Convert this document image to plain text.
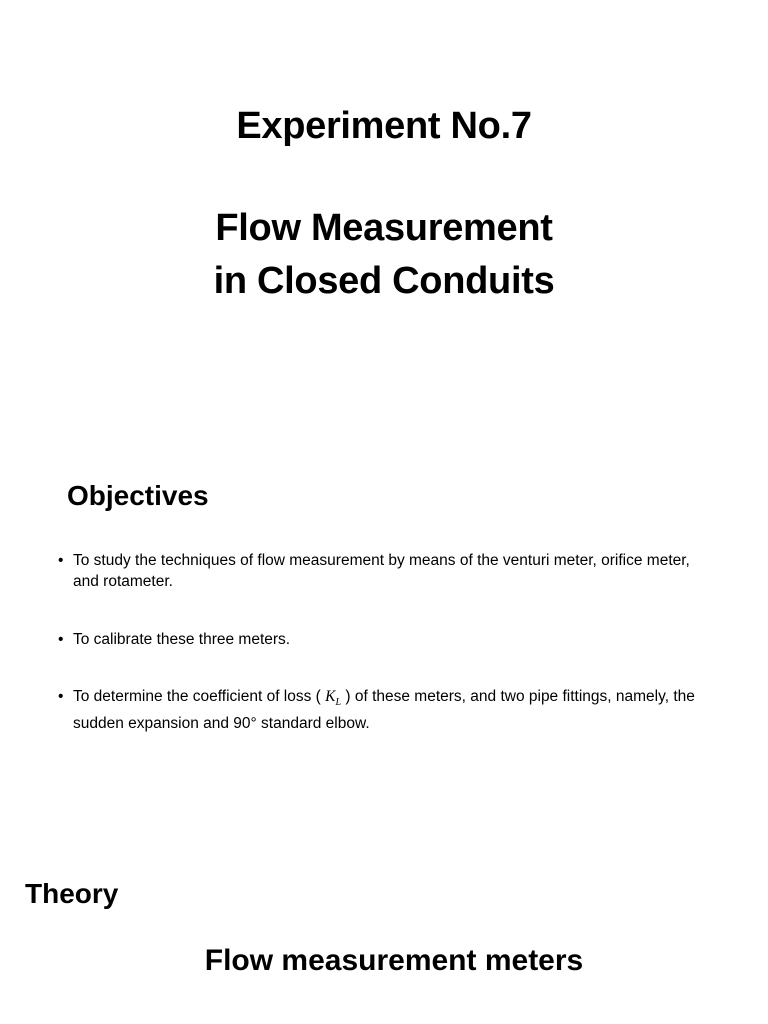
Experiment No.7
Flow Measurement
in Closed Conduits
Objectives
• To study the techniques of flow measurement by means of the venturi meter, orifice meter, and rotameter.
• To calibrate these three meters.
• To determine the coefficient of loss ( $K_L$ ) of these meters, and two pipe fittings, namely, the sudden expansion and 90° standard elbow.
Theory
Flow measurement meters
